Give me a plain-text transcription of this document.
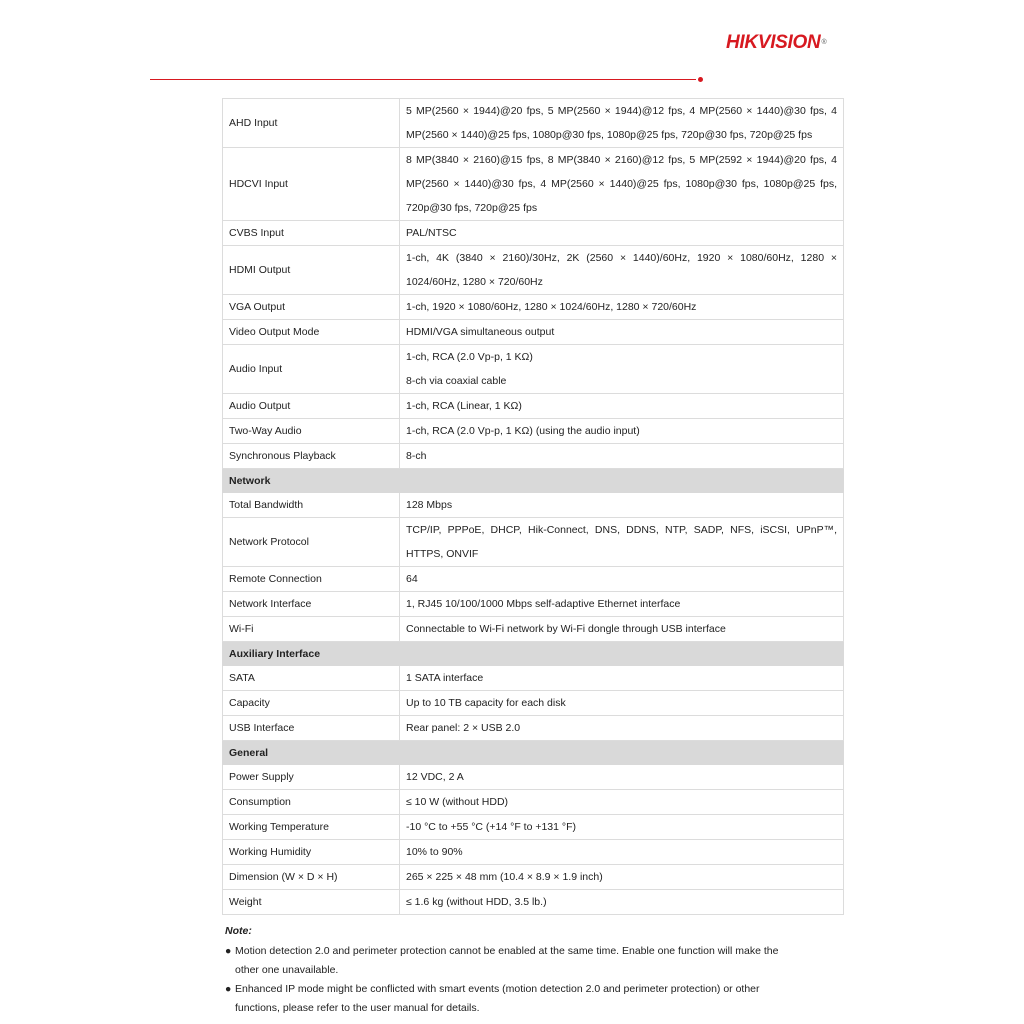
HIKVISION®
AHD Input	5 MP(2560 × 1944)@20 fps, 5 MP(2560 × 1944)@12 fps, 4 MP(2560 × 1440)@30 fps, 4 MP(2560 × 1440)@25 fps, 1080p@30 fps, 1080p@25 fps, 720p@30 fps, 720p@25 fps

HDCVI Input	8 MP(3840 × 2160)@15 fps, 8 MP(3840 × 2160)@12 fps, 5 MP(2592 × 1944)@20 fps, 4 MP(2560 × 1440)@30 fps, 4 MP(2560 × 1440)@25 fps, 1080p@30 fps, 1080p@25 fps, 720p@30 fps, 720p@25 fps

CVBS Input	PAL/NTSC

HDMI Output	1-ch, 4K (3840 × 2160)/30Hz, 2K (2560 × 1440)/60Hz, 1920 × 1080/60Hz, 1280 × 1024/60Hz, 1280 × 720/60Hz

VGA Output	1-ch, 1920 × 1080/60Hz, 1280 × 1024/60Hz, 1280 × 720/60Hz

Video Output Mode	HDMI/VGA simultaneous output

Audio Input	1-ch, RCA (2.0 Vp-p, 1 KΩ)
8-ch via coaxial cable

Audio Output	1-ch, RCA (Linear, 1 KΩ)

Two-Way Audio	1-ch, RCA (2.0 Vp-p, 1 KΩ) (using the audio input)

Synchronous Playback	8-ch

Network	
Total Bandwidth	128 Mbps

Network Protocol	TCP/IP, PPPoE, DHCP, Hik-Connect, DNS, DDNS, NTP, SADP, NFS, iSCSI, UPnP™, HTTPS, ONVIF

Remote Connection	64

Network Interface	1, RJ45 10/100/1000 Mbps self-adaptive Ethernet interface

Wi-Fi	Connectable to Wi-Fi network by Wi-Fi dongle through USB interface

Auxiliary Interface	
SATA	1 SATA interface

Capacity	Up to 10 TB capacity for each disk

USB Interface	Rear panel: 2 × USB 2.0

General	
Power Supply	12 VDC, 2 A

Consumption	≤ 10 W (without HDD)

Working Temperature	-10 °C to +55 °C (+14 °F to +131 °F)

Working Humidity	10% to 90%

Dimension (W × D × H)	265 × 225 × 48 mm (10.4 × 8.9 × 1.9 inch)

Weight	≤ 1.6 kg (without HDD, 3.5 lb.)
Note:
● Motion detection 2.0 and perimeter protection cannot be enabled at the same time. Enable one function will make the other one unavailable.
● Enhanced IP mode might be conflicted with smart events (motion detection 2.0 and perimeter protection) or other functions, please refer to the user manual for details.
